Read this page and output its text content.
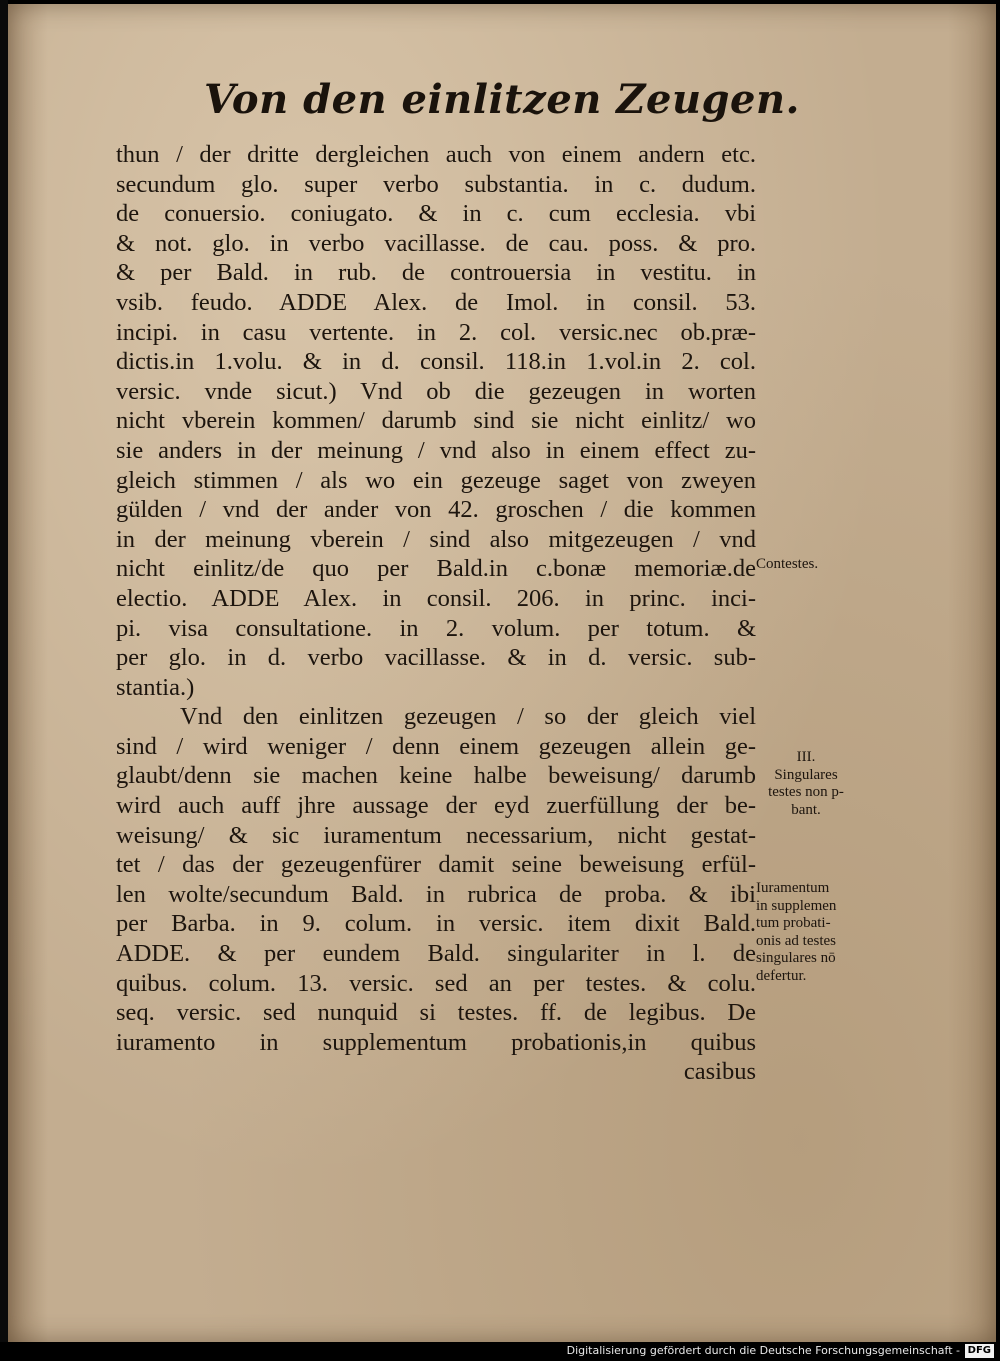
Von den einlitzen Zeugen.
thun / der dritte dergleichen auch von einem andern etc.
secundum glo. super verbo substantia. in c. dudum.
de conuersio. coniugato. & in c. cum ecclesia. vbi
& not. glo. in verbo vacillasse. de cau. poss. & pro.
& per Bald. in rub. de controuersia in vestitu. in
vsib. feudo. ADDE Alex. de Imol. in consil. 53.
incipi. in casu vertente. in 2. col. versic.nec ob.præ-
dictis.in 1.volu. & in d. consil. 118.in 1.vol.in 2. col.
versic. vnde sicut.) Vnd ob die gezeugen in worten
nicht vberein kommen/ darumb sind sie nicht einlitz/ wo
sie anders in der meinung / vnd also in einem effect zu-
gleich stimmen / als wo ein gezeuge saget von zweyen
gülden / vnd der ander von 42. groschen / die kommen
in der meinung vberein / sind also mitgezeugen / vnd
nicht einlitz/de quo per Bald.in c.bonæ memoriæ.de
electio. ADDE Alex. in consil. 206. in princ. inci-
pi. visa consultatione. in 2. volum. per totum. &
per glo. in d. verbo vacillasse. & in d. versic. sub-
stantia.)
Vnd den einlitzen gezeugen / so der gleich viel
sind / wird weniger / denn einem gezeugen allein ge-
glaubt/denn sie machen keine halbe beweisung/ darumb
wird auch auff jhre aussage der eyd zuerfüllung der be-
weisung/ & sic iuramentum necessarium, nicht gestat-
tet / das der gezeugenfürer damit seine beweisung erfül-
len wolte/secundum Bald. in rubrica de proba. & ibi
per Barba. in 9. colum. in versic. item dixit Bald.
ADDE. & per eundem Bald. singulariter in l. de
quibus. colum. 13. versic. sed an per testes. & colu.
seq. versic. sed nunquid si testes. ff. de legibus. De
iuramento in supplementum probationis,in quibus
casibus
Contestes.
III.
Singulares
testes non p-
bant.
Iuramentum
in supplemen
tum probati-
onis ad testes
singulares nō
defertur.
Digitalisierung gefördert durch die Deutsche Forschungsgemeinschaft - DFG
